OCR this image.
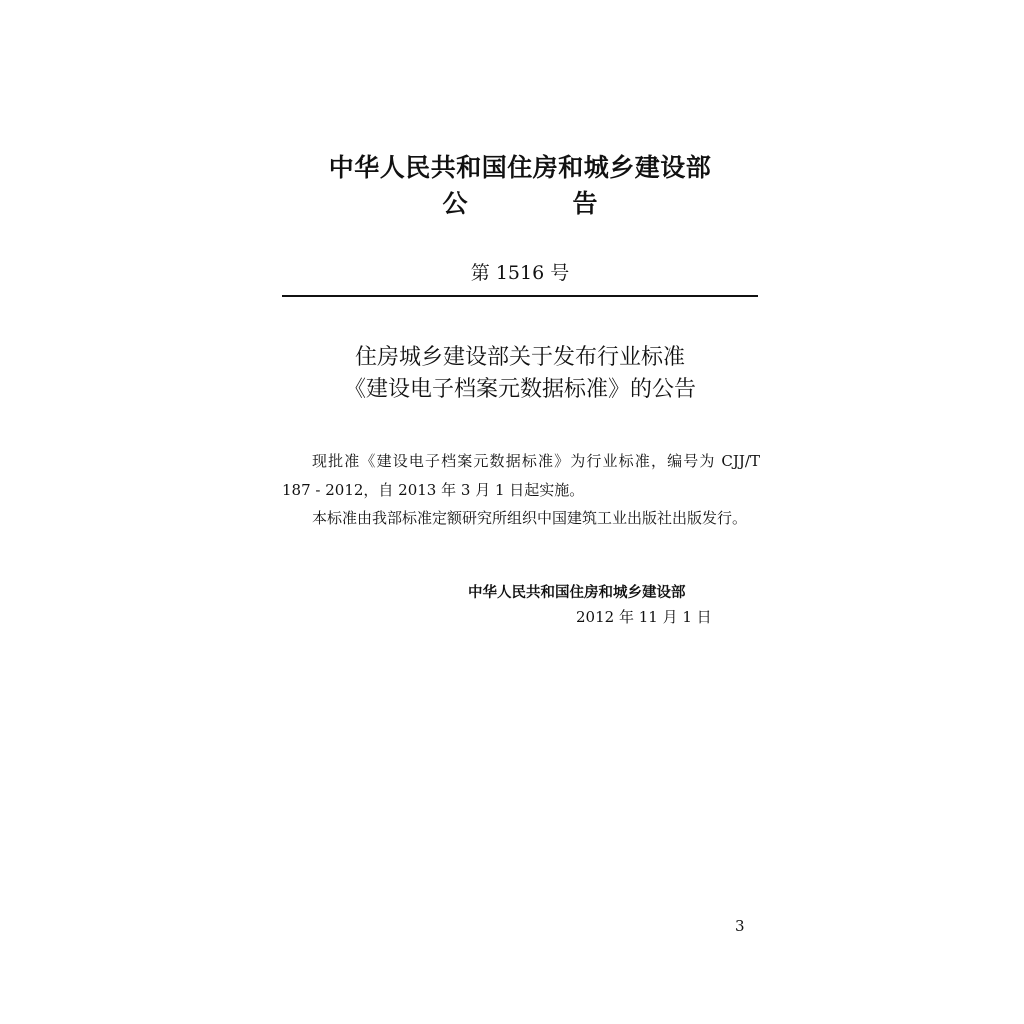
中华人民共和国住房和城乡建设部
公　告
第 1516 号
住房城乡建设部关于发布行业标准
《建设电子档案元数据标准》的公告

现批准《建设电子档案元数据标准》为行业标准，编号为 CJJ/T 187 - 2012，自 2013 年 3 月 1 日起实施。

本标准由我部标准定额研究所组织中国建筑工业出版社出版发行。

中华人民共和国住房和城乡建设部
2012 年 11 月 1 日
3
